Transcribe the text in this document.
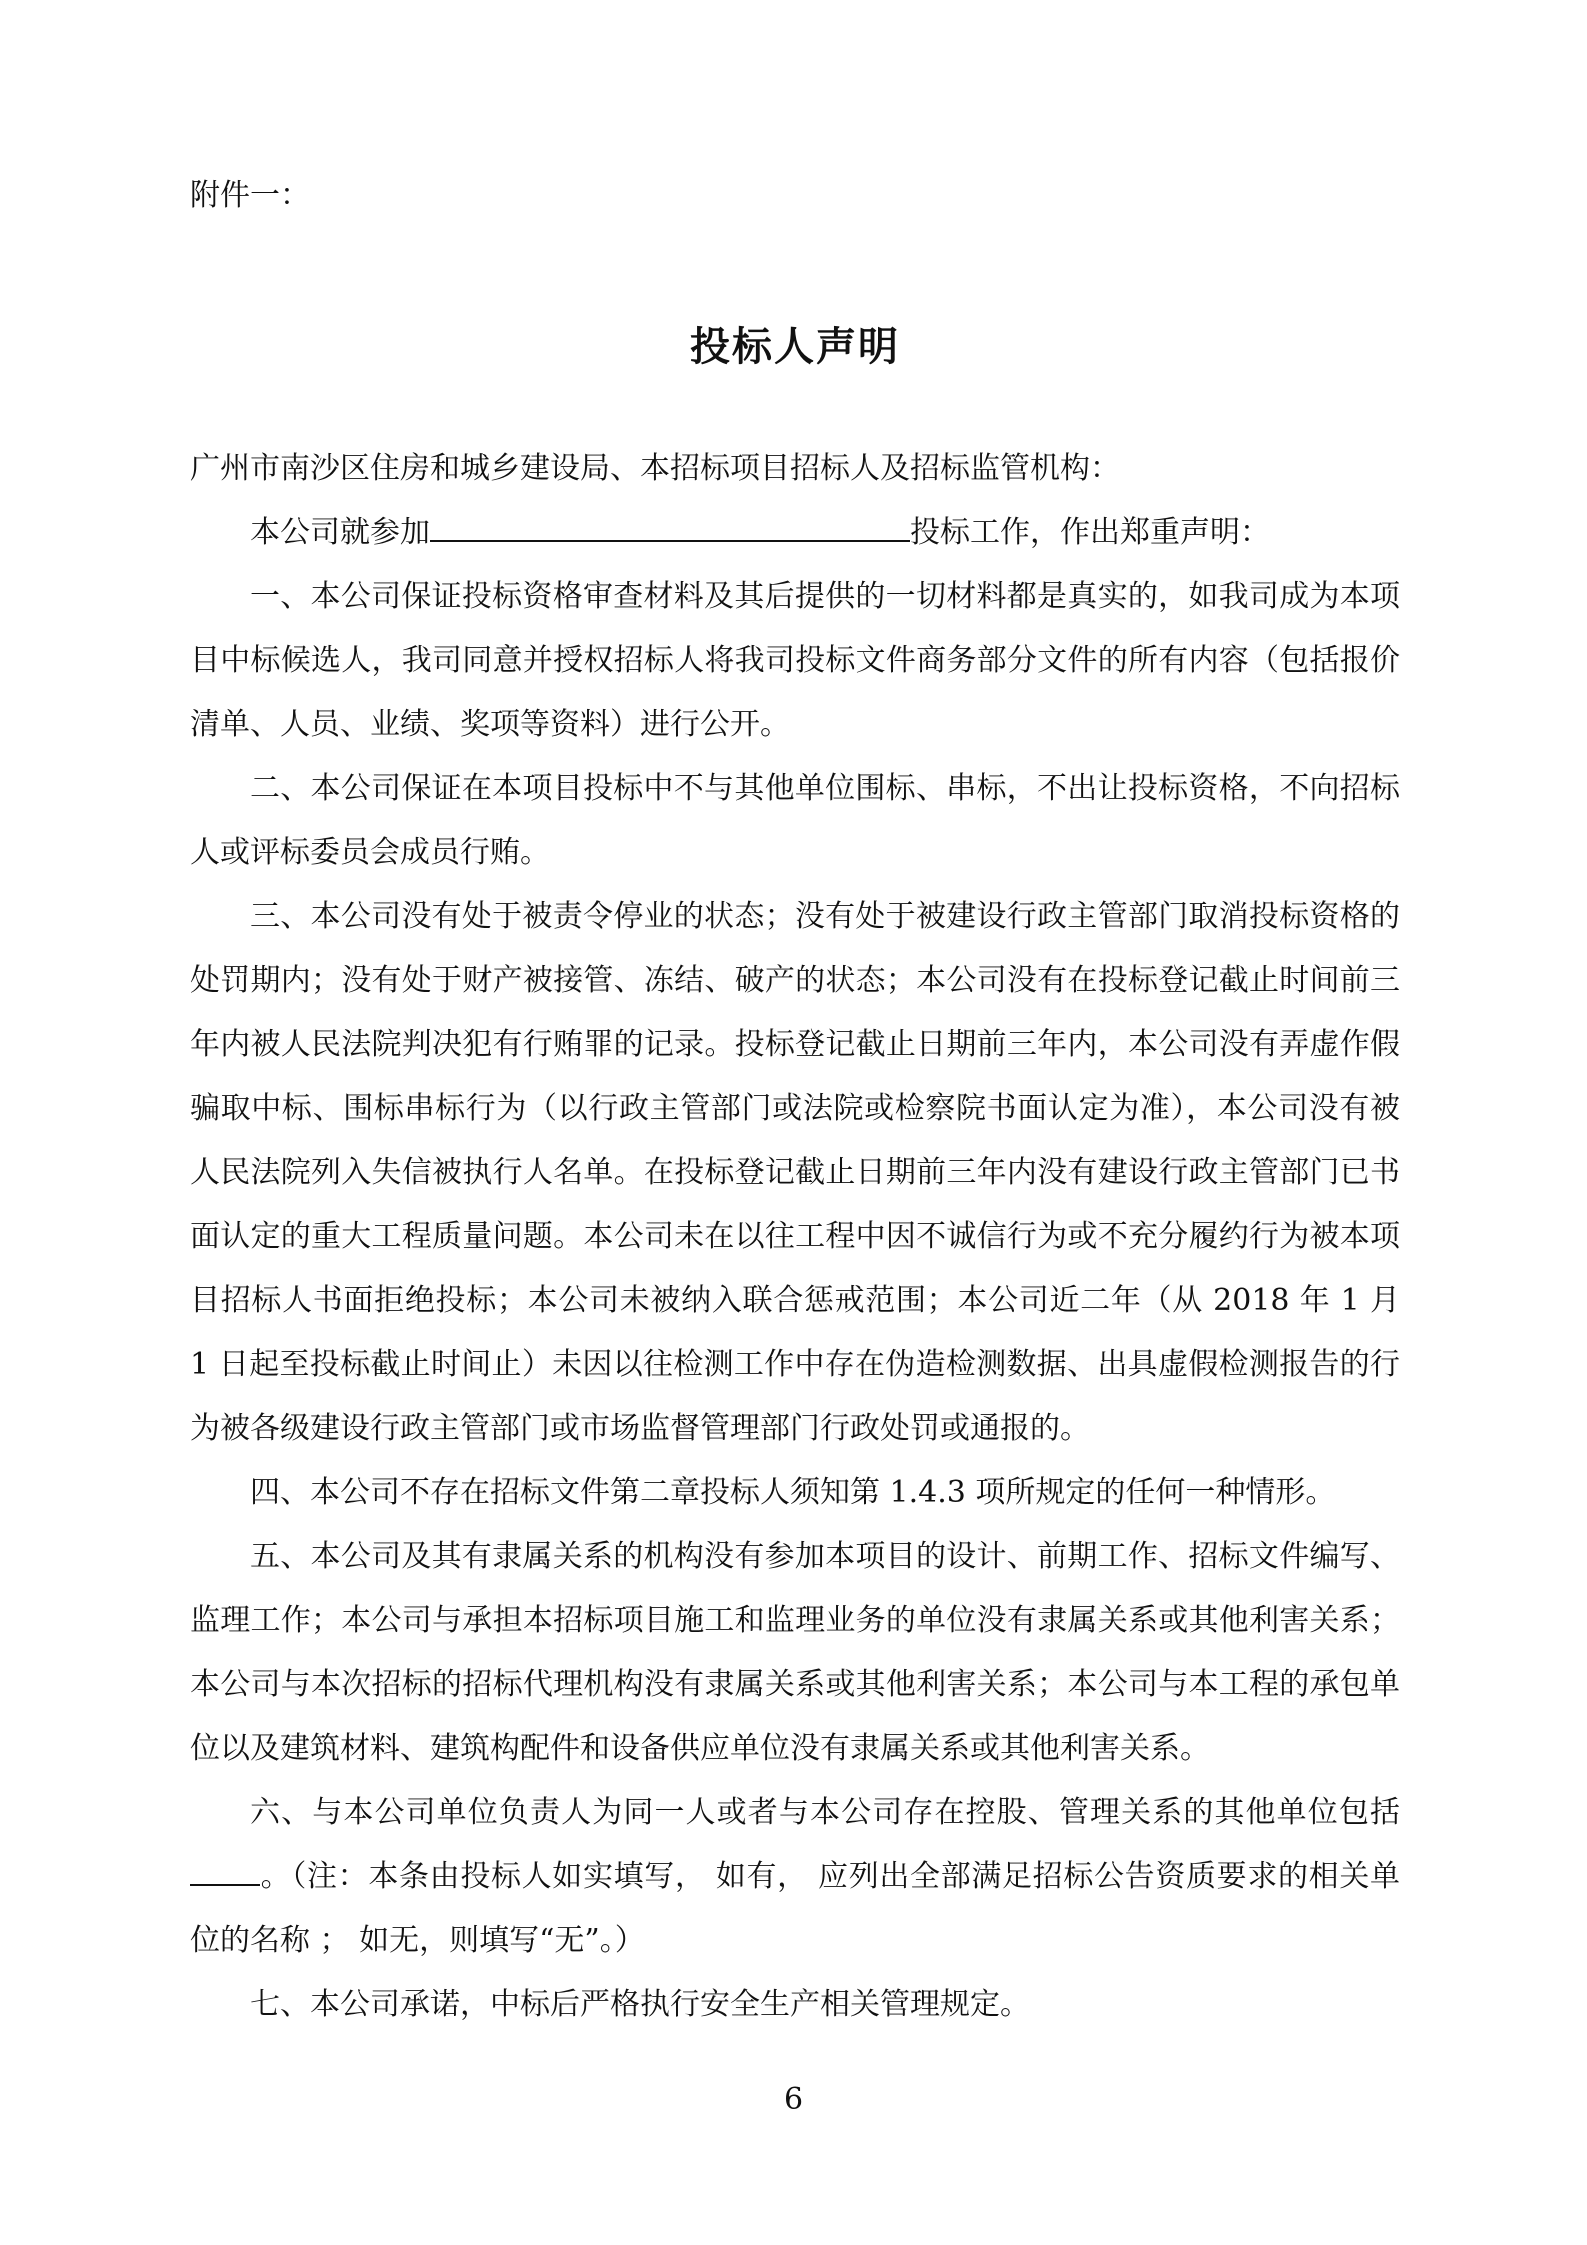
附件一：
投标人声明
广州市南沙区住房和城乡建设局、本招标项目招标人及招标监管机构：

本公司就参加	投标工作，作出郑重声明：

一、本公司保证投标资格审查材料及其后提供的一切材料都是真实的，如我司成为本项目中标候选人，我司同意并授权招标人将我司投标文件商务部分文件的所有内容（包括报价清单、人员、业绩、奖项等资料）进行公开。

二、本公司保证在本项目投标中不与其他单位围标、串标，不出让投标资格，不向招标人或评标委员会成员行贿。

三、本公司没有处于被责令停业的状态；没有处于被建设行政主管部门取消投标资格的处罚期内；没有处于财产被接管、冻结、破产的状态；本公司没有在投标登记截止时间前三年内被人民法院判决犯有行贿罪的记录。投标登记截止日期前三年内，本公司没有弄虚作假骗取中标、围标串标行为（以行政主管部门或法院或检察院书面认定为准），本公司没有被人民法院列入失信被执行人名单。在投标登记截止日期前三年内没有建设行政主管部门已书面认定的重大工程质量问题。本公司未在以往工程中因不诚信行为或不充分履约行为被本项目招标人书面拒绝投标；本公司未被纳入联合惩戒范围；本公司近二年（从 2018 年 1 月 1 日起至投标截止时间止）未因以往检测工作中存在伪造检测数据、出具虚假检测报告的行为被各级建设行政主管部门或市场监督管理部门行政处罚或通报的。

四、本公司不存在招标文件第二章投标人须知第 1.4.3 项所规定的任何一种情形。

五、本公司及其有隶属关系的机构没有参加本项目的设计、前期工作、招标文件编写、监理工作；本公司与承担本招标项目施工和监理业务的单位没有隶属关系或其他利害关系；本公司与本次招标的招标代理机构没有隶属关系或其他利害关系；本公司与本工程的承包单位以及建筑材料、建筑构配件和设备供应单位没有隶属关系或其他利害关系。

六、与本公司单位负责人为同一人或者与本公司存在控股、管理关系的其他单位包括。（注：本条由投标人如实填写， 如有， 应列出全部满足招标公告资质要求的相关单位的名称 ； 如无，则填写“无”。）

七、本公司承诺，中标后严格执行安全生产相关管理规定。

6
